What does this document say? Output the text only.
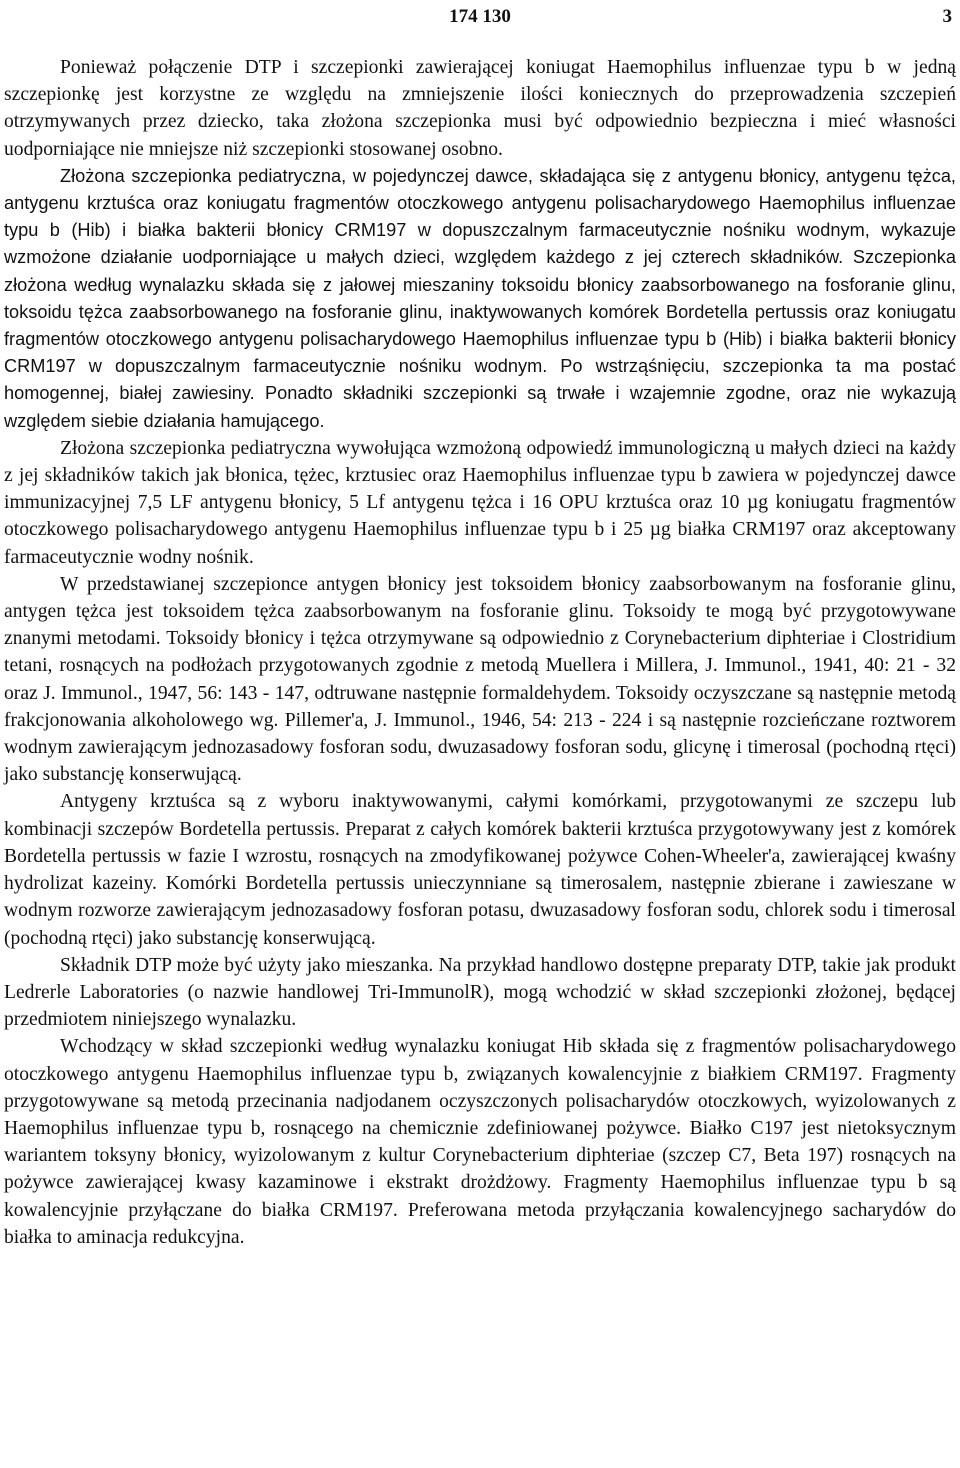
174 130	3

Ponieważ połączenie DTP i szczepionki zawierającej koniugat Haemophilus influenzae typu b w jedną szczepionkę jest korzystne ze względu na zmniejszenie ilości koniecznych do przeprowadzenia szczepień otrzymywanych przez dziecko, taka złożona szczepionka musi być odpowiednio bezpieczna i mieć własności uodporniające nie mniejsze niż szczepionki stosowanej osobno.

Złożona szczepionka pediatryczna, w pojedynczej dawce, składająca się z antygenu błonicy, antygenu tężca, antygenu krztuśca oraz koniugatu fragmentów otoczkowego antygenu polisacharydowego Haemophilus influenzae typu b (Hib) i białka bakterii błonicy CRM197 w dopuszczalnym farmaceutycznie nośniku wodnym, wykazuje wzmożone działanie uodporniające u małych dzieci, względem każdego z jej czterech składników. Szczepionka złożona według wynalazku składa się z jałowej mieszaniny toksoidu błonicy zaabsorbowanego na fosforanie glinu, toksoidu tężca zaabsorbowanego na fosforanie glinu, inaktywowanych komórek Bordetella pertussis oraz koniugatu fragmentów otoczkowego antygenu polisacharydowego Haemophilus influenzae typu b (Hib) i białka bakterii błonicy CRM197 w dopuszczalnym farmaceutycznie nośniku wodnym. Po wstrząśnięciu, szczepionka ta ma postać homogennej, białej zawiesiny. Ponadto składniki szczepionki są trwałe i wzajemnie zgodne, oraz nie wykazują względem siebie działania hamującego.

Złożona szczepionka pediatryczna wywołująca wzmożoną odpowiedź immunologiczną u małych dzieci na każdy z jej składników takich jak błonica, tężec, krztusiec oraz Haemophilus influenzae typu b zawiera w pojedynczej dawce immunizacyjnej 7,5 LF antygenu błonicy, 5 Lf antygenu tężca i 16 OPU krztuśca oraz 10 µg koniugatu fragmentów otoczkowego polisacharydowego antygenu Haemophilus influenzae typu b i 25 µg białka CRM197 oraz akceptowany farmaceutycznie wodny nośnik.

W przedstawianej szczepionce antygen błonicy jest toksoidem błonicy zaabsorbowanym na fosforanie glinu, antygen tężca jest toksoidem tężca zaabsorbowanym na fosforanie glinu. Toksoidy te mogą być przygotowywane znanymi metodami. Toksoidy błonicy i tężca otrzymywane są odpowiednio z Corynebacterium diphteriae i Clostridium tetani, rosnących na podłożach przygotowanych zgodnie z metodą Muellera i Millera, J. Immunol., 1941, 40: 21 - 32 oraz J. Immunol., 1947, 56: 143 - 147, odtruwane następnie formaldehydem. Toksoidy oczyszczane są następnie metodą frakcjonowania alkoholowego wg. Pillemer'a, J. Immunol., 1946, 54: 213 - 224 i są następnie rozcieńczane roztworem wodnym zawierającym jednozasadowy fosforan sodu, dwuzasadowy fosforan sodu, glicynę i timerosal (pochodną rtęci) jako substancję konserwującą.

Antygeny krztuśca są z wyboru inaktywowanymi, całymi komórkami, przygotowanymi ze szczepu lub kombinacji szczepów Bordetella pertussis. Preparat z całych komórek bakterii krztuśca przygotowywany jest z komórek Bordetella pertussis w fazie I wzrostu, rosnących na zmodyfikowanej pożywce Cohen-Wheeler'a, zawierającej kwaśny hydrolizat kazeiny. Komórki Bordetella pertussis unieczynniane są timerosalem, następnie zbierane i zawieszane w wodnym rozworze zawierającym jednozasadowy fosforan potasu, dwuzasadowy fosforan sodu, chlorek sodu i timerosal (pochodną rtęci) jako substancję konserwującą.

Składnik DTP może być użyty jako mieszanka. Na przykład handlowo dostępne preparaty DTP, takie jak produkt Ledrerle Laboratories (o nazwie handlowej Tri-ImmunolR), mogą wchodzić w skład szczepionki złożonej, będącej przedmiotem niniejszego wynalazku.

Wchodzący w skład szczepionki według wynalazku koniugat Hib składa się z fragmentów polisacharydowego otoczkowego antygenu Haemophilus influenzae typu b, związanych kowalencyjnie z białkiem CRM197. Fragmenty przygotowywane są metodą przecinania nadjodanem oczyszczonych polisacharydów otoczkowych, wyizolowanych z Haemophilus influenzae typu b, rosnącego na chemicznie zdefiniowanej pożywce. Białko C197 jest nietoksycznym wariantem toksyny błonicy, wyizolowanym z kultur Corynebacterium diphteriae (szczep C7, Beta 197) rosnących na pożywce zawierającej kwasy kazaminowe i ekstrakt drożdżowy. Fragmenty Haemophilus influenzae typu b są kowalencyjnie przyłączane do białka CRM197. Preferowana metoda przyłączania kowalencyjnego sacharydów do białka to aminacja redukcyjna.
